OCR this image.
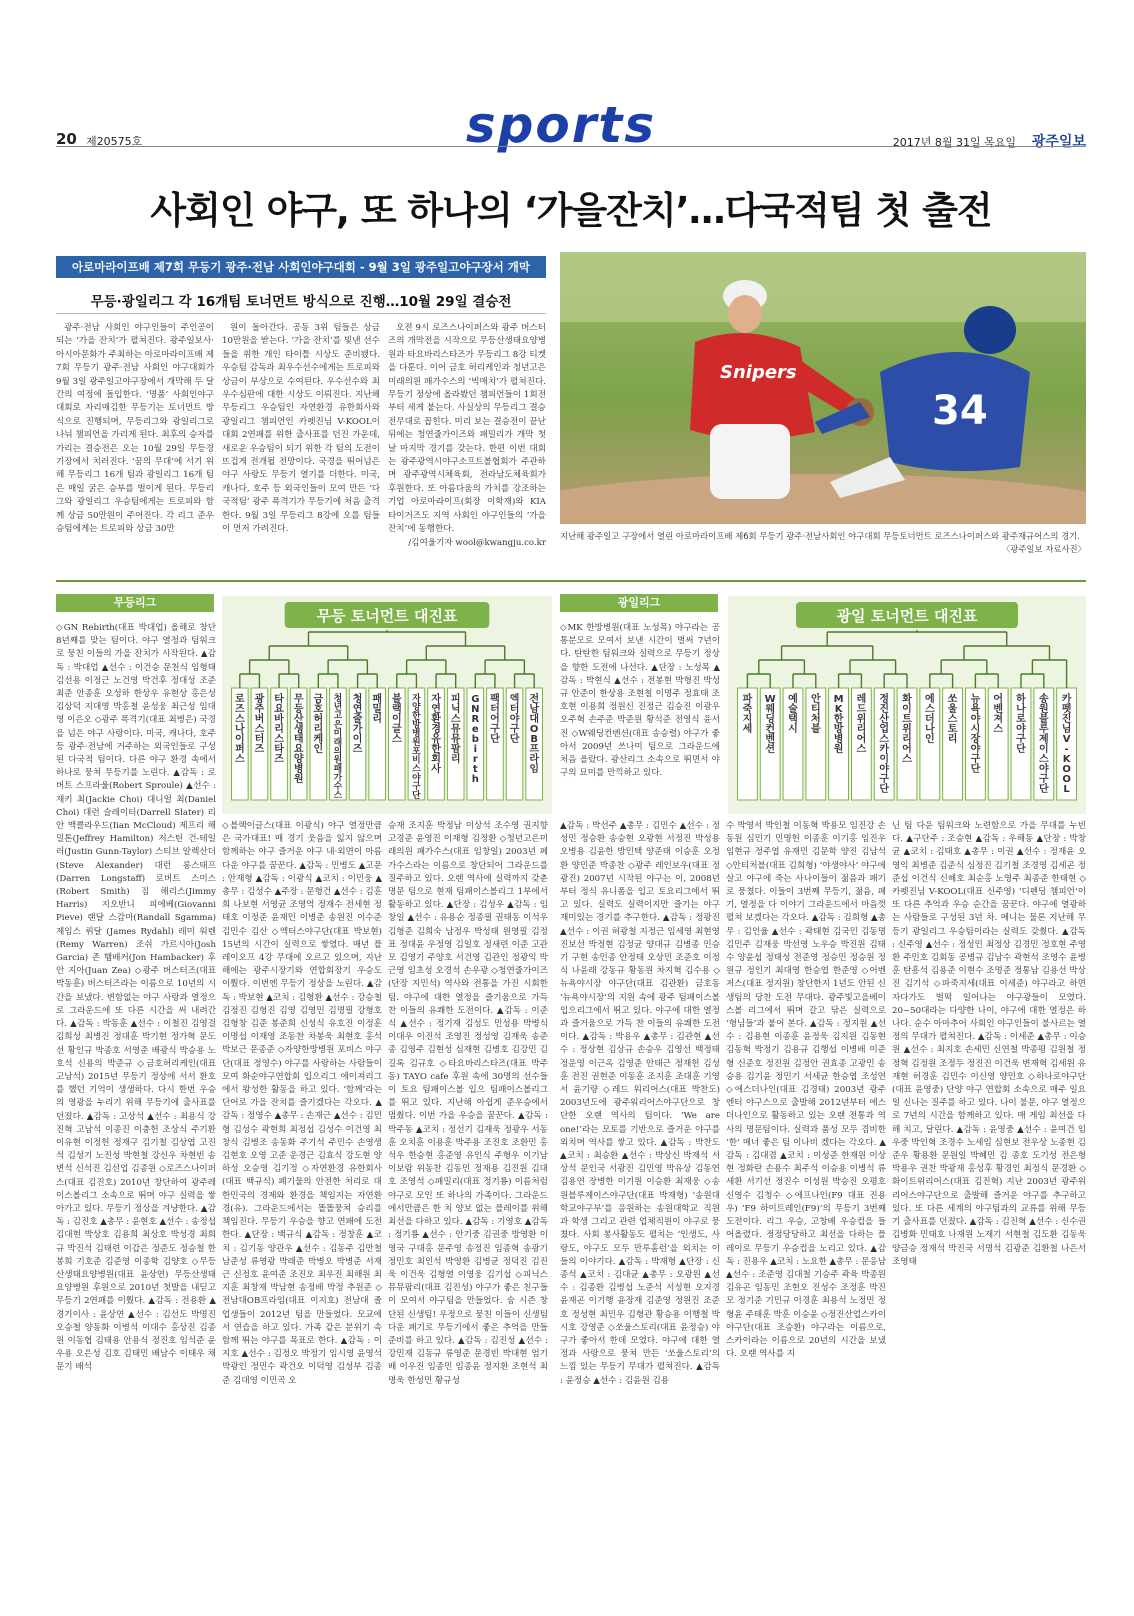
20 제20575호	sports	2017년 8월 31일 목요일 광주일보
사회인 야구, 또 하나의 ‘가을잔치’…다국적팀 첫 출전
아로마라이프배 제7회 무등기 광주·전남 사회인야구대회 - 9월 3일 광주일고야구장서 개막
무등·광일리그 각 16개팀 토너먼트 방식으로 진행…10월 29일 결승전

광주·전남 사회인 야구인들이 주인공이 되는 ‘가을 잔치’가 펼쳐진다. 광주일보사·아시아문화가 주최하는 아로마라이프배 제7회 무등기 광주·전남 사회인 야구대회가 9월 3일 광주일고야구장에서 개막해 두 달간의 여정에 돌입한다. ‘명품’ 사회인야구대회로 자리매김한 무등기는 토너먼트 방식으로 진행되며, 무등리그와 광일리그로 나눠 챔피언을 가리게 된다. 최후의 승자를 가리는 결승전은 오는 10월 29일 무등경기장에서 치러진다. ‘꿈의 무대’에 서기 위해 무등리그 16개 팀과 광일리그 16개 팀은 매일 굵은 승부를 벌이게 된다. 무등리그와 광일리그 우승팀에게는 트로피와 함께 상금 50만원이 주어진다. 각 리그 준우승팀에게는 트로피와 상금 30만

원이 돌아간다. 공동 3위 팀들은 상금 10만원을 받는다. ‘가을 잔치’를 빛낸 선수들을 위한 개인 타이틀 시상도 준비됐다. 우승팀 감독과 최우수선수에게는 트로피와 상금이 부상으로 수여된다. 우수선수와 최우수심판에 대한 시상도 이뤄진다. 지난해 무등리그 우승팀인 자연환경 유한회사와 광일리그 챔피언인 카펫진님 V-KOOL이 대회 2연패를 위한 출사표를 던진 가운데, 새로운 우승팀이 되기 위한 각 팀의 도전이 뜨겁게 전개될 전망이다. 국경을 뛰어넘은 야구 사랑도 무등기 열기를 더한다. 미국, 캐나다, 호주 등 외국인들이 모여 만든 ‘다국적팀’ 광주 폭격기가 무등기에 처음 출격한다. 9월 3일 무등리그 8강에 오를 팀들이 먼저 가려진다.

오전 9시 로즈스나이퍼스와 광주 버스터즈의 개막전을 시작으로 무등산생태요양병원과 타요바리스타즈가 무등리그 8강 티켓을 다툰다. 이어 금호 허리케인과 청년고은미래의원 패가수스의 ‘빅매치’가 펼쳐진다. 무등기 정상에 올라봤던 챔피언들이 1회전부터 세게 붙는다. 사실상의 무등리그 결승전무대로 꼽힌다. 미리 보는 결승전이 끝난 뒤에는 청연줄가이즈와 패밀리가 개막 첫날 마지막 경기를 갖는다. 한편 이번 대회는 광주광역시야구소프트볼협회가 주관하며 광주광역시체육회, 전라남도체육회가 후원한다. 또 아름다움의 가치를 강조하는 기업 아로마라이프(회장 이학재)와 KIA 타이거즈도 지역 사회인 야구인들의 ‘가을 잔치’에 동행한다.

/김여울기자 wool@kwangju.co.kr
Snipers
34
지난해 광주일고 구장에서 열린 아로마라이프배 제6회 무등기 광주·전남사회인 야구대회 무등토너먼트 로즈스나이퍼스와 광주재규어스의 경기.
〈광주일보 자료사진〉
무등리그	광일리그
무등 토너먼트 대진표
로 즈 스 나 이 퍼 스
광 주 버 스 터 즈
타 요 바 리 스 타 즈
무 등 산 생 태 요 양 병 원
금 호 허 리 케 인
청 년 고 은 미 래 의 원 패 가 수 스
청 연 줄 가 이 즈
패 밀 리
블 랙 이 글 스
자 양 한 방 병 원 포 비 스 야 구 단
자 연 환 경 유 한 회 사
피 닉 스 뮤 뮤 팜 리
G N R e b i r t h
팩 터 어 구 단
엑 터 야 구 단
전 남 대 O B 프 라 임
광일 토너먼트 대진표
파 죽 지 세
W 웨 딩 컨 벤 션
예 술 택 시
안 티 처 블
M K 한 방 병 원
레 드 위 리 어 스
정 진 산 업 스 카 이 야 구 단
화 이 트 위 리 어 스
에 스 더 나 인
쏘 울 스 토 리
뉴 욕 야 시 장 야 구 단
어 벤 져 스
하 나 로 야 구 단
송 원 블 루 제 이 스 야 구 단
카 펫 진 님 V -K O O L

◇GN Rebirth(대표 박대업) 올해로 창단 8년째를 맞는 팀이다. 야구 열정과 팀워크로 뭉친 이들의 가을 잔치가 시작된다. ▲감독 : 박대업 ▲선수 : 이건승 문천식 임형태 김선용 이정근 노건영 박건후 정대성 조준 최준 안종훈 오성하 한상우 유현상 홍은성 김상덕 지대영 박홍철 윤성웅 최근성 임대영 이은오 ◇광주 폭격기(대표 최병은) 국경을 넘은 야구 사랑이다. 미국, 캐나다, 호주 등 광주·전남에 거주하는 외국인들로 구성된 다국적 팀이다. 다른 야구 환경 속에서 하나로 뭉쳐 무등기를 노린다. ▲감독 : 로버트 스프라울(Robert Sproule) ▲선수 : 재키 최(Jackie Choi) 대니얼 최(Daniel Choi) 대런 슬레이터(Darrell Slater) 리안 맥클라우드(Iian McCloud) 제프리 해밀톤(Jeffrey Hamilton) 저스틴 건-테일러(Justin Gunn-Taylor) 스티브 알렉산더(Steve Alexander) 대런 롱스태프(Darren Longstaff) 로버트 스미스(Robert Smith) 짐 해리스(Jimmy Harris) 지오반니 피에베(Giovanni Pieve) 랜달 스감마(Randall Sgamma) 제임스 뤼달 (James Rydahl) 레미 워렌(Remy Warren) 조쉬 가르시아(Josh Garcia) 존 햄배커(Jon Hambacker) 후안 지아(Juan Zea) ◇광주 버스터즈(대표 박동훈) 버스터즈라는 이름으로 10년의 시간을 보냈다. 변함없는 야구 사랑과 열정으로 그라운드에 또 다른 시간을 써 내려간다. ▲감독 : 박동훈 ▲선수 : 이철진 김영걸 김희성 최병진 정대훈 박기현 정가혁 문도선 황인규 박종호 서영준 배광식 박승용 노호석 신용의 박준규 ◇금호허리케인(대표 고남석) 2015년 무등기 정상에 서서 환호를 했던 기억이 생생하다. 다시 한번 우승의 영광을 누리기 위해 무등기에 출사표를 던졌다. ▲감독 : 고상석 ▲선수 : 최용식 강진혁 고남석 이종진 이충헌 조상식 주기환 이유현 이정헌 정재구 김기철 김상엽 고진석 김성기 노진성 박현철 강신우 차현빈 송변석 신석진 김선업 김종원 ◇로즈스나이퍼스(대표 김진호) 2010년 창단하여 광주레이스볼리그 소속으로 뛰며 야구 실력을 쌓아가고 있다. 무등기 정상을 겨냥한다. ▲감독 : 김진호 ▲총무 : 윤현호 ▲선수 : 송정섭 김대현 박상호 김용희 최상호 박성경 최희규 박진석 김태련 이갑은 정준도 정승철 한봉희 기호준 김준영 이종학 김양호 ◇무등산생태요양병원(대표 윤상연) 무등산생태요양병원 후원으로 2010년 첫발을 내딛고 무등기 2연패를 이뤘다. ▲감독 : 전용환 ▲경기이사 : 윤상연 ▲선수 : 김선도 박명진 오승철 양동화 이병석 이대수 홍상진 김종원 이동협 김태용 안용식 정진호 임석준 윤우용 오은성 김호 김태민 배남수 이태우 채문기 배석

◇블랙이글스(대표 이광식) 야구 열정만큼은 국가대표! 매 경기 웃음을 잃지 않으며 함께하는 야구 즐거운 야구 내·외면이 아름다운 야구를 꿈꾼다. ▲감독 : 민병도 ▲고문 : 안재형 ▲감독 : 이광식 ▲코치 : 이민웅 ▲총무 : 김성수 ▲주장 : 문형건 ▲선수 : 김훈희 나보현 서영균 조영억 정재수 전세현 정태호 이정준 윤재민 이병준 송원진 이수준 김민수 김산 ◇엑터스야구단(대표 박보현) 15년의 시간이 실력으로 쌓였다. 매년 플레이오프 4강 무대에 오르고 있으며, 지난해에는 광주시장기와 연합회장기 우승도 이뤘다. 이번엔 무등기 정상을 노린다. ▲감독 : 박보현 ▲코치 : 김형환 ▲선수 : 강승철 김정진 김형진 김영 김영민 김명필 강형호 김형창 김준 봉준희 신성식 유호진 이정훈 이명섭 이재영 조동찬 차봉욱 최현호 홍석 박보근 문종준 ◇자양한방병원 포비스 야구단(대표 정영수) 야구를 사랑하는 사람들이 모여 화순야구연합회 입으리그 에이져리그에서 왕성한 활동을 하고 있다. ‘함께’라는 단어로 가을 잔치를 즐기겠다는 각오다. ▲감독 : 정영수 ▲총무 : 손재근 ▲선수 : 김민형 김성수 곽현희 최정섭 김성수 이건영 최창식 김병조 송동화 주기석 주민수 손영생 김현호 오영 고준 운경근 김효식 강도현 양하성 오승영 김기정 ◇자연환경 유한회사(대표 백규식) 폐기물의 안전한 처리로 대한민국의 경제와 환경을 책임지는 자연환경(유). 그라운드에서는 똘똘뭉쳐 승리를 책임진다. 무등기 우승을 향고 연패에 도전한다. ▲단장 : 백규식 ▲감독 : 정창훈 ▲코치 : 김기동 양관우 ▲선수 : 김동주 김만철 남준성 류영광 박래준 박병오 박병준 서재근 신정호 윤여준 조진오 최우진 최해원 최지훈 최창재 박남현 송정배 박정 추원준 ◇전남대OB프라임(대표 이지호) 전남대 졸업생들이 2012년 팀을 만들었다. 모교에서 연습을 하고 있다. 가족 같은 분위기 속 함께 뛰는 야구를 목표로 한다. ▲감독 : 이지호 ▲선수 : 김정오 박정기 임시영 윤영석 박광인 정민수 곽건오 이덕영 김성부 김종준 김대영 이민곡 오

승재 조지훈 박정남 이상석 조수영 권지향 고경준 윤영진 이재형 김정환 ◇청년고은미래의원 패가수스(대표 임창일) 2003년 페가수스라는 이름으로 창단되어 그라운드를 질주하고 있다. 오랜 역사에 실력까지 갖춘 명문 팀으로 현재 팀패이스볼리그 1부에서 활동하고 있다. ▲단장 : 김성우 ▲감독 : 임창일 ▲선수 : 유용순 정종필 권태동 이석우 김형준 김희숙 남정우 박성태 원영필 김정표 정대윤 우정영 김일호 정새련 이준 고관모 김영기 주양호 서건영 김관인 정광익 박근영 임초성 오경석 손우광 ◇청연줄가이즈(단장 지민석) 역사와 전통을 가진 시회한 팀. 야구에 대한 열정을 즐기움으로 가득 찬 이들의 유쾌한 도전이다. ▲감독 : 이준식 ▲선수 : 정기재 김성도 민성용 박병식 이대우 이진석 조영진 정성영 김재욱 송준종 김영주 김현성 심재현 김병호 김강민 김길록 김규호 ◇타요바리스타즈(대표 박주동) TAYO cafe 후원 속에 30명의 선수들이 토요 팀패이스볼 입으 팀패이스볼리그를 뛰고 있다. 지난해 아쉽게 준우승에서 멈췄다. 이번 가을 우승을 꿈꾼다. ▲감독 : 박주동 ▲코치 : 정선기 김재욱 정광우 서동훈 오치훈 이용훈 박주용 조진호 조환민 홍석우 한승현 홍준영 유인식 주형우 이기남 이보람 위동찬 김동민 정재용 김진원 김대호 조영석 ◇패밀리(대표 정기룡) 이름처럼 야구로 모인 또 하나의 가족이다. 그라운드에서만큼은 한 치 양보 없는 플레이를 위해 최선을 다하고 있다. ▲감독 : 기영호 ▲감독 : 정기룡 ▲선수 : 안기중 김권중 방영환 이영국 구대홍 문주영 송정진 임종혁 송광기 정민호 최인석 박영환 김병균 정덕진 김진욱 이건욱 김형열 이영웅 김기섭 ◇피닉스뮤뮤팜리(대표 김진성) 야구가 좋은 친구들이 모여서 야구팀을 만들었다. 숨 시즌 창단된 신생팀! 우정으로 뭉친 이들이 신생팀다운 패기로 무등기에서 좋은 추억을 만들 준비를 하고 있다. ▲감독 : 김진성 ▲선수 : 강민재 김동규 류영준 문경빈 박대현 엄기배 이우진 임종민 임종윤 정지환 조현석 최명욱 한성민 황규성

◇MK 한방병원(대표 노성목) 야구라는 공통분모로 모여서 보낸 시간이 벌써 7년이다. 탄탄한 팀워크와 실력으로 무등기 정상을 향한 도전에 나선다. ▲단장 : 노성목 ▲감독 : 박현식 ▲선수 : 전봉현 박형진 박성규 안준이 한상용 조현철 이명주 정효태 조호현 이용희 정원신 진정근 김승진 이광우 오주혁 손주준 박준원 황석준 전영식 윤서진 ◇W웨딩컨벤션(대표 송승렬) 야구가 좋아서 2009년 쓰나미 팀으로 그라운드에 처음 올랐다. 광산리그 소속으로 뛰면서 야구의 묘미를 만끽하고 있다.

▲감독 : 박선주 ▲총무 : 김민수 ▲선수 : 정성민 정승환 송승현 오광현 서정진 박성용 오병용 김윤한 방민택 양준태 이승훈 오정환 양민준 박종찬 ◇광주 레인보우(대표 정광진) 2007년 시작된 야구는 이, 2008년부터 정식 유니폼을 입고 토요리그에서 뛰고 있다. 실력도 실력이지만 즐기는 야구 재미있는 경기를 추구한다. ▲감독 : 정광진 ▲선수 : 이권 허광철 지정근 임세영 최현영 진보선 박정현 김정균 양대규 김병종 민승기 구현 송민종 안정태 오상민 조준호 이정식 나윤래 강동규 황동원 차지혁 김수용 ◇뉴욕야시장 야구단(대표 김관환) 금호동 ‘뉴욕야시장’의 지원 속에 광주 팀패이스볼 입으리그에서 뛰고 있다. 야구에 대한 열정과 즐거움으로 가득 찬 이들의 유쾌한 도전이다. ▲감독 : 박용우 ▲총무 : 김관현 ▲선수 : 정상현 김상규 손승우 김영선 백정태 정운영 이근옥 김영준 안태근 정재헌 김성훈 전진 권현준 이동훈 조지훈 조대훈 기영서 윤기량 ◇레드 워리어스(대표 박찬도) 2003년도에 광주워리어스야구단으로 창단한 오랜 역사의 팀이다. ‘We are one!’라는 모토를 기반으로 즐거운 야구를 외치며 역사를 쌓고 있다. ▲감독 : 박찬도 ▲코치 : 최승환 ▲선수 : 박상신 박재석 서상석 문인국 서광진 김민영 박유상 김동연 김용연 장병한 이기원 이승환 최재웅 ◇송원블루제이스야구단(대표 박재형) ‘송원대학교야구부’를 응원하는 송원대학교 직원과 학생 그리고 관련 업체직원이 야구로 뭉쳤다. 사회 봉사활동도 펼치는 ‘인생도, 사랑도, 야구도 모두 만루홈런’을 외치는 이들의 이야기다. ▲감독 : 박재형 ▲단장 : 신종석 ▲코치 : 김대균 ▲총무 : 오광원 ▲선수 : 김종환 김병섭 노준석 서성현 오지경 윤재곤 이기행 윤장재 김준영 정원진 조준호 정성현 최민우 김형관 황승용 이행철 박시호 강영준 ◇쏘울스토리(대표 윤정승) 야구가 좋아서 한데 모였다. 야구에 대한 열정과 사랑으로 뭉쳐 만든 ‘쏘울스토리’의 느낌 있는 무등기 무대가 펼쳐진다. ▲감독 : 윤정승 ▲선수 : 김윤원 김용

수 박영서 박인철 이동혁 박용모 임진강 손동원 심민기 민명헌 이종훈 이기홍 임진우 임현규 정주엽 유재민 김문학 양진 김남석 ◇안티처블(대표 김희형) ‘야생야사’ 야구에 살고 야구에 죽는 사나이들이 젊음과 패기로 뭉쳤다. 이들이 3번째 무등기, 젊음, 패기, 열정을 다 이야기 그라운드에서 마음껏 펼쳐 보겠다는 각오다. ▲감독 : 김희형 ▲총무 : 김인율 ▲선수 : 곽태현 김국민 김동명 김민주 김재웅 박선영 노우승 박진원 김태수 양윤섭 정태성 전준영 정승민 정승원 정원규 정인기 최대영 한승엽 한준영 ◇어벤저스(대표 정지원) 창단한지 1년도 안된 신생팀의 당찬 도전 무대다. 광주빛고을베이스볼 리그에서 뛰며 갈고 닦은 실력으로 ‘형님들’과 붙어 본다. ▲감독 : 정지원 ▲선수 : 김용현 이종훈 윤정욱 김지원 김동현 김동혁 박정기 김용규 김행섭 이병배 이준형 신준호 정진원 김정안 권효종 고광민 송승용 김기윤 정민기 서세균 한승엽 조성연 ◇에스더나인(대표 김경태) 2003년 광주 엔터 야구스으로 출발해 2012년부터 에스더나인으로 활동하고 있는 오랜 전통과 역사의 명문팀이다. 실력과 품성 모두 겸비한 ‘한’ 매너 좋은 팀 이나비 겠다는 각오다. ▲감독 : 김대겸 ▲코치 : 이성준 한재원 이상현 정화란 손용수 최주석 이승용 이병석 류세환 서기선 정진수 이성원 박승진 오평호 신영수 김청수 ◇에프나인(F9 대표 진용우) ‘F9 하이트레인(F9)’의 무등기 3번째 도전이다. 리그 우승, 고창배 우승컵을 들어올렸다. 정정당당하고 최선을 다하는 플레이로 무등기 우승컵을 노리고 있다. ▲감독 : 진용우 ▲코치 : 노요한 ▲총무 : 문응남 ▲선수 : 조준영 김대철 기승주 곽육 박종원 김유곤 임동민 조현오 진성수 조정훈 박진모 정기준 기민규 이경훈 최용석 노정민 정형윤 주태훈 박훈 이승윤 ◇정진산업스카이야구단(대표 조승환) 야구라는 이름으로, 스카이라는 이름으로 20년의 시간을 보냈다. 오랜 역사를 지

닌 팀 다운 팀워크와 노련함으로 가을 무대를 누빈다. ▲구단주 : 조승현 ▲감독 : 우해동 ▲단장 : 박창균 ▲코치 : 김태호 ▲총무 : 이권 ▲선수 : 정재윤 오영익 최병준 김준식 심정진 김기철 조경영 김세곤 정준섭 이건식 신혜호 최순홍 노영주 최종준 한태현 ◇카펫진님 V-KOOL(대표 신주영) ‘디펜딩 챔피언’이 또 다른 추억과 우승 순간을 꿈꾼다. 야구에 열광하는 사람들로 구성된 3년 차. 메니는 물론 지난해 무등기 광일리그 우승팀이라는 실력도 갖췄다. ▲감독 : 신주영 ▲선수 : 정성민 최정상 김경민 정호현 주영환 주민호 김회동 공병규 김남수 곽현석 조영수 윤병훈 탄흥석 김용준 이현수 조명준 정통남 김용선 박상진 김기석 ◇파죽지세(대표 이세준) 야구라고 하면 자다가도 벌떡 일어나는 야구광들이 모였다. 20~50대라는 다양한 나이, 야구에 대한 열정은 하나다. 순수 아마추어 사회인 야구인들이 불사르는 열정의 무대가 펼쳐진다. ▲감독 : 이세준 ▲총무 : 이승원 ▲선수 : 최지호 손세민 신연철 박종평 김원철 정정혁 김정원 조정두 정진진 이건욱 변재혁 김세원 유재현 허경훈 김민수 이신영 양민호 ◇하나로야구단(대표 윤영중) 단양 야구 연합회 소속으로 매주 일요일 신나는 질주를 하고 있다. 나이 불문, 야구 열정으로 7년의 시간을 함께하고 있다. 매 게임 최선을 다해 치고, 달린다. ▲감독 : 윤영중 ▲선수 : 윤여건 임우중 박인혁 조경수 노세임 심현보 전우상 노종현 김준우 황용환 문원일 박혜민 김 종호 도기성 전은형 박용우 권찬 박광재 홍성후 황경인 최정식 문경환 ◇화이트위리어스(대표 김진혁) 지난 2003년 광주위리어스야구단으로 출발해 즐거운 야구를 추구하고 있다. 또 다른 세계의 야구팀과의 교류를 위해 무등기 출사표를 던졌다. ▲감독 : 김진혁 ▲선수 : 신수권 김병화 민태호 나재원 노재기 서현철 김도환 김동욱 양금승 정재석 박진국 서명석 김광준 김환철 나은서 조영태
